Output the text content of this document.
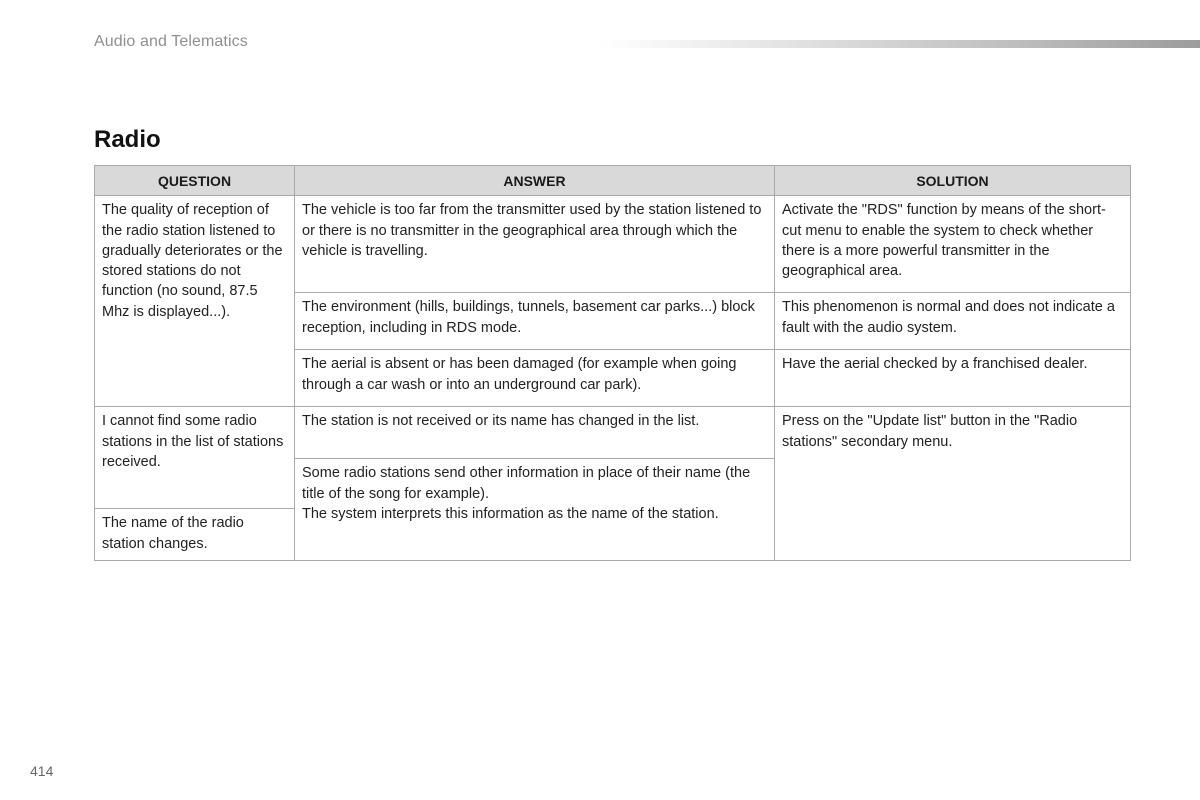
Audio and Telematics
Radio
QUESTION	ANSWER	SOLUTION
The quality of reception of the radio station listened to gradually deteriorates or the stored stations do not function (no sound, 87.5 Mhz is displayed...).	The vehicle is too far from the transmitter used by the station listened to or there is no transmitter in the geographical area through which the vehicle is travelling.	Activate the "RDS" function by means of the short-cut menu to enable the system to check whether there is a more powerful transmitter in the geographical area.
	The environment (hills, buildings, tunnels, basement car parks...) block reception, including in RDS mode.	This phenomenon is normal and does not indicate a fault with the audio system.
	The aerial is absent or has been damaged (for example when going through a car wash or into an underground car park).	Have the aerial checked by a franchised dealer.
I cannot find some radio stations in the list of stations received.	The station is not received or its name has changed in the list.	Press on the "Update list" button in the "Radio stations" secondary menu.
	Some radio stations send other information in place of their name (the title of the song for example).
The system interprets this information as the name of the station.	
The name of the radio station changes.		
414
